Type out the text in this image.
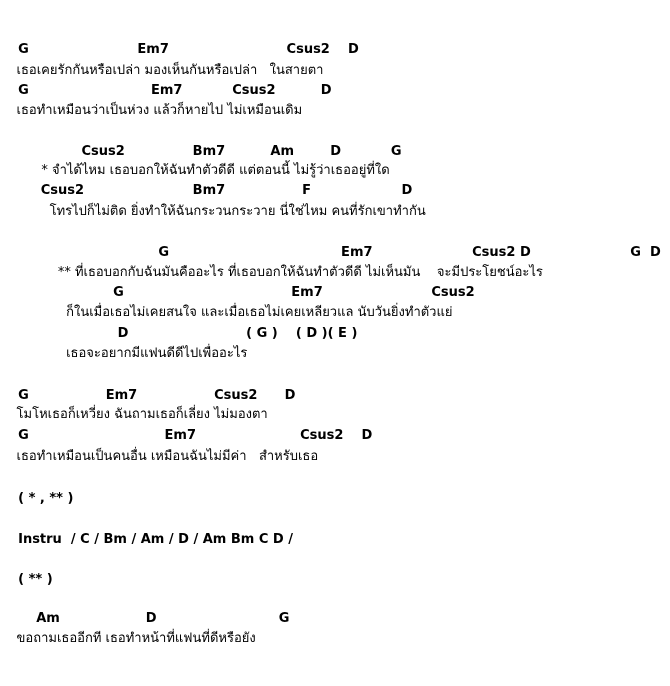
G                        Em7                          Csus2    D
เธอเคยรักกันหรือเปล่า มองเห็นกันหรือเปล่า   ในสายตา
G                           Em7           Csus2          D
เธอทำเหมือนว่าเป็นห่วง แล้วก็หายไป ไม่เหมือนเดิม
Csus2               Bm7          Am        D           G
* จำได้ไหม เธอบอกให้ฉันทำตัวดีดี แต่ตอนนี้ ไม่รู้ว่าเธออยู่ที่ใด
Csus2                        Bm7                 F                    D
โทรไปก็ไม่ติด ยิ่งทำให้ฉันกระวนกระวาย นี่ใช่ไหม คนที่รักเขาทำกัน
G                                      Em7                      Csus2 D                      G  D
** ที่เธอบอกกับฉันมันคืออะไร ที่เธอบอกให้ฉันทำตัวดีดี ไม่เห็นมัน    จะมีประโยชน์อะไร
G                                     Em7                        Csus2
ก็ในเมื่อเธอไม่เคยสนใจ และเมื่อเธอไม่เคยเหลียวแล นับวันยิ่งทำตัวแย่
D                          ( G )    ( D )( E )
เธอจะอยากมีแฟนดีดีไปเพื่ออะไร
G                 Em7                 Csus2      D
โมโหเธอก็เหวี่ยง ฉันถามเธอก็เลี่ยง ไม่มองตา
G                              Em7                       Csus2    D
เธอทำเหมือนเป็นคนอื่น เหมือนฉันไม่มีค่า   สำหรับเธอ
( * , ** )
Instru  / C / Bm / Am / D / Am Bm C D /
( ** )
Am                   D                           G
ขอถามเธออีกที เธอทำหน้าที่แฟนที่ดีหรือยัง
